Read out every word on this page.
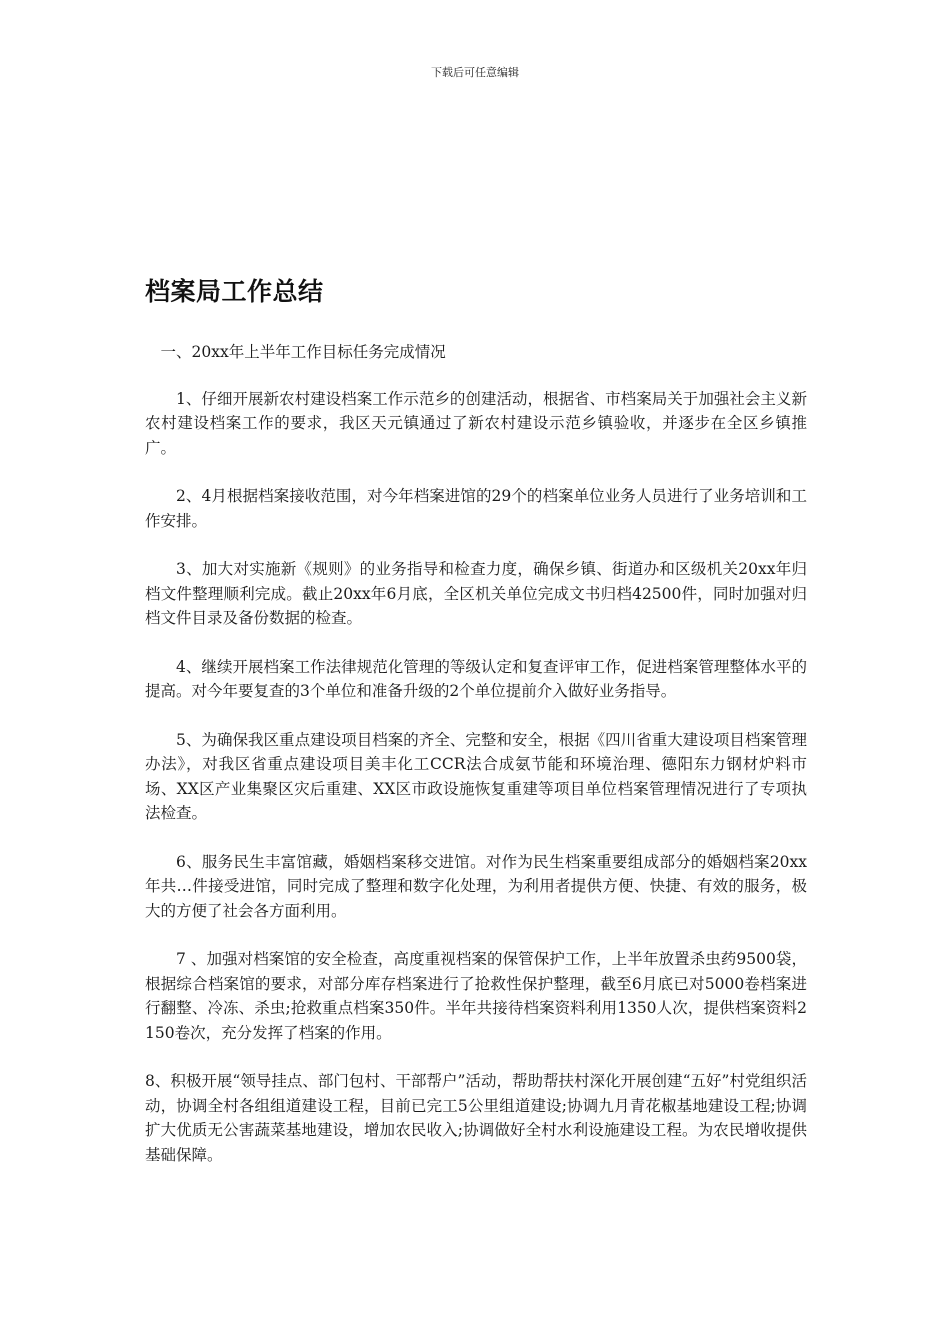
下载后可任意编辑
档案局工作总结

一、20xx年上半年工作目标任务完成情况

1、仔细开展新农村建设档案工作示范乡的创建活动，根据省、市档案局关于加强社会主义新农村建设档案工作的要求，我区天元镇通过了新农村建设示范乡镇验收，并逐步在全区乡镇推广。

2、4月根据档案接收范围，对今年档案进馆的29个的档案单位业务人员进行了业务培训和工作安排。

3、加大对实施新《规则》的业务指导和检查力度，确保乡镇、街道办和区级机关20xx年归档文件整理顺利完成。截止20xx年6月底，全区机关单位完成文书归档42500件，同时加强对归档文件目录及备份数据的检查。

4、继续开展档案工作法律规范化管理的等级认定和复查评审工作，促进档案管理整体水平的提高。对今年要复查的3个单位和准备升级的2个单位提前介入做好业务指导。

5、为确保我区重点建设项目档案的齐全、完整和安全，根据《四川省重大建设项目档案管理办法》，对我区省重点建设项目美丰化工CCR法合成氨节能和环境治理、德阳东力钢材炉料市场、XX区产业集聚区灾后重建、XX区市政设施恢复重建等项目单位档案管理情况进行了专项执法检查。

6、服务民生丰富馆藏，婚姻档案移交进馆。对作为民生档案重要组成部分的婚姻档案20xx年共…件接受进馆，同时完成了整理和数字化处理，为利用者提供方便、快捷、有效的服务，极大的方便了社会各方面利用。

7 、加强对档案馆的安全检查，高度重视档案的保管保护工作，上半年放置杀虫药9500袋，根据综合档案馆的要求，对部分库存档案进行了抢救性保护整理，截至6月底已对5000卷档案进行翻整、冷冻、杀虫;抢救重点档案350件。半年共接待档案资料利用1350人次，提供档案资料2150卷次，充分发挥了档案的作用。

8、积极开展“领导挂点、部门包村、干部帮户”活动，帮助帮扶村深化开展创建“五好”村党组织活动，协调全村各组组道建设工程，目前已完工5公里组道建设;协调九月青花椒基地建设工程;协调扩大优质无公害蔬菜基地建设，增加农民收入;协调做好全村水利设施建设工程。为农民增收提供基础保障。
